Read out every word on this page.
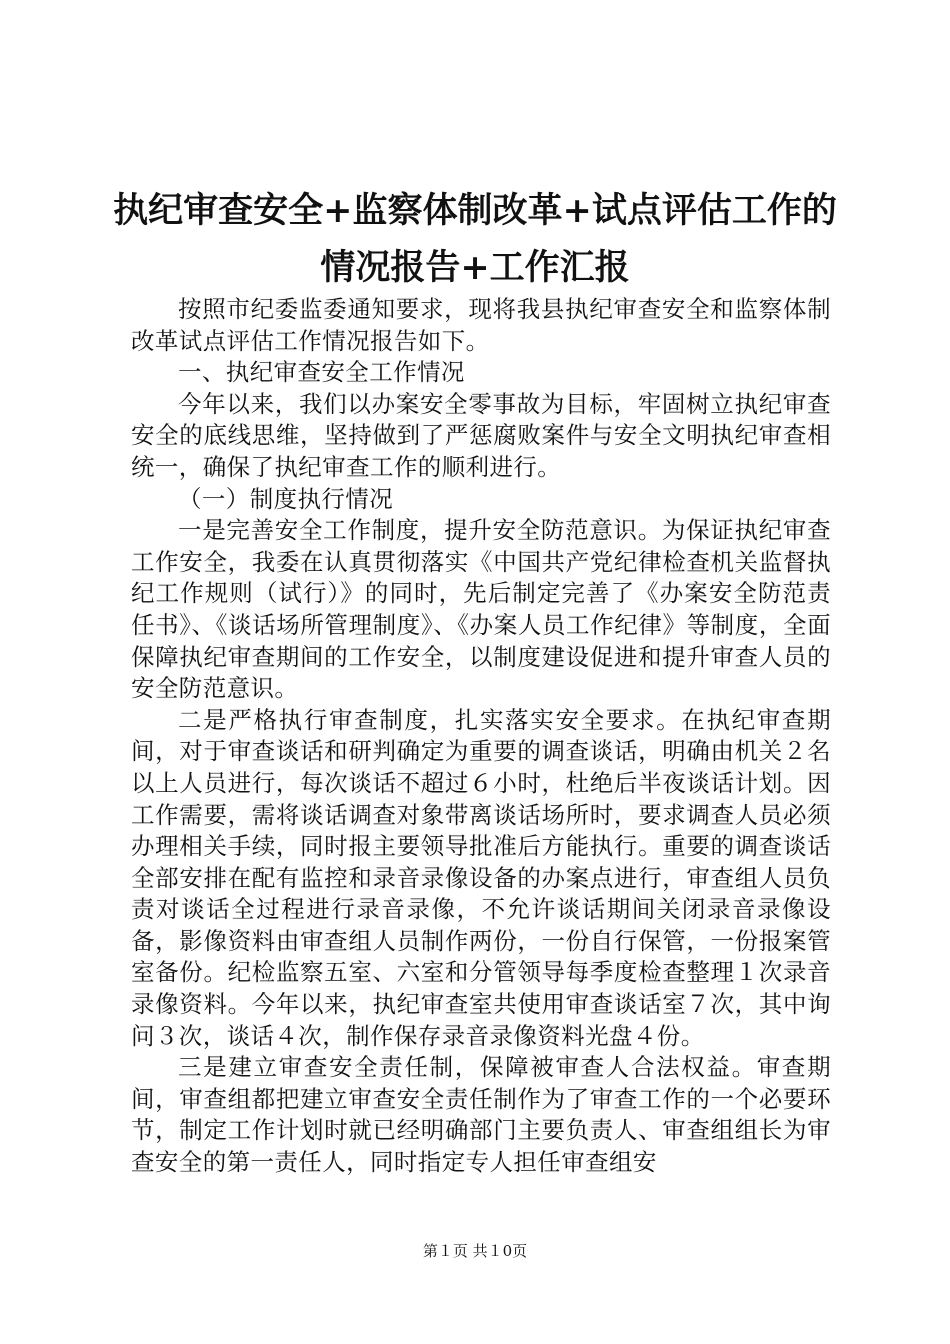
执纪审查安全+监察体制改革+试点评估工作的
情况报告+工作汇报

按照市纪委监委通知要求，现将我县执纪审查安全和监察体制改革试点评估工作情况报告如下。

一、执纪审查安全工作情况

今年以来，我们以办案安全零事故为目标，牢固树立执纪审查安全的底线思维，坚持做到了严惩腐败案件与安全文明执纪审查相统一，确保了执纪审查工作的顺利进行。

（一）制度执行情况

一是完善安全工作制度，提升安全防范意识。为保证执纪审查工作安全，我委在认真贯彻落实《中国共产党纪律检查机关监督执纪工作规则（试行）》的同时，先后制定完善了《办案安全防范责任书》、《谈话场所管理制度》、《办案人员工作纪律》等制度，全面保障执纪审查期间的工作安全，以制度建设促进和提升审查人员的安全防范意识。

二是严格执行审查制度，扎实落实安全要求。在执纪审查期间，对于审查谈话和研判确定为重要的调查谈话，明确由机关２名以上人员进行，每次谈话不超过６小时，杜绝后半夜谈话计划。因工作需要，需将谈话调查对象带离谈话场所时，要求调查人员必须办理相关手续，同时报主要领导批准后方能执行。重要的调查谈话全部安排在配有监控和录音录像设备的办案点进行，审查组人员负责对谈话全过程进行录音录像，不允许谈话期间关闭录音录像设备，影像资料由审查组人员制作两份，一份自行保管，一份报案管室备份。纪检监察五室、六室和分管领导每季度检查整理１次录音录像资料。今年以来，执纪审查室共使用审查谈话室７次，其中询问３次，谈话４次，制作保存录音录像资料光盘４份。

三是建立审查安全责任制，保障被审查人合法权益。审查期间，审查组都把建立审查安全责任制作为了审查工作的一个必要环节，制定工作计划时就已经明确部门主要负责人、审查组组长为审查安全的第一责任人，同时指定专人担任审查组安

第１页 共１0页
